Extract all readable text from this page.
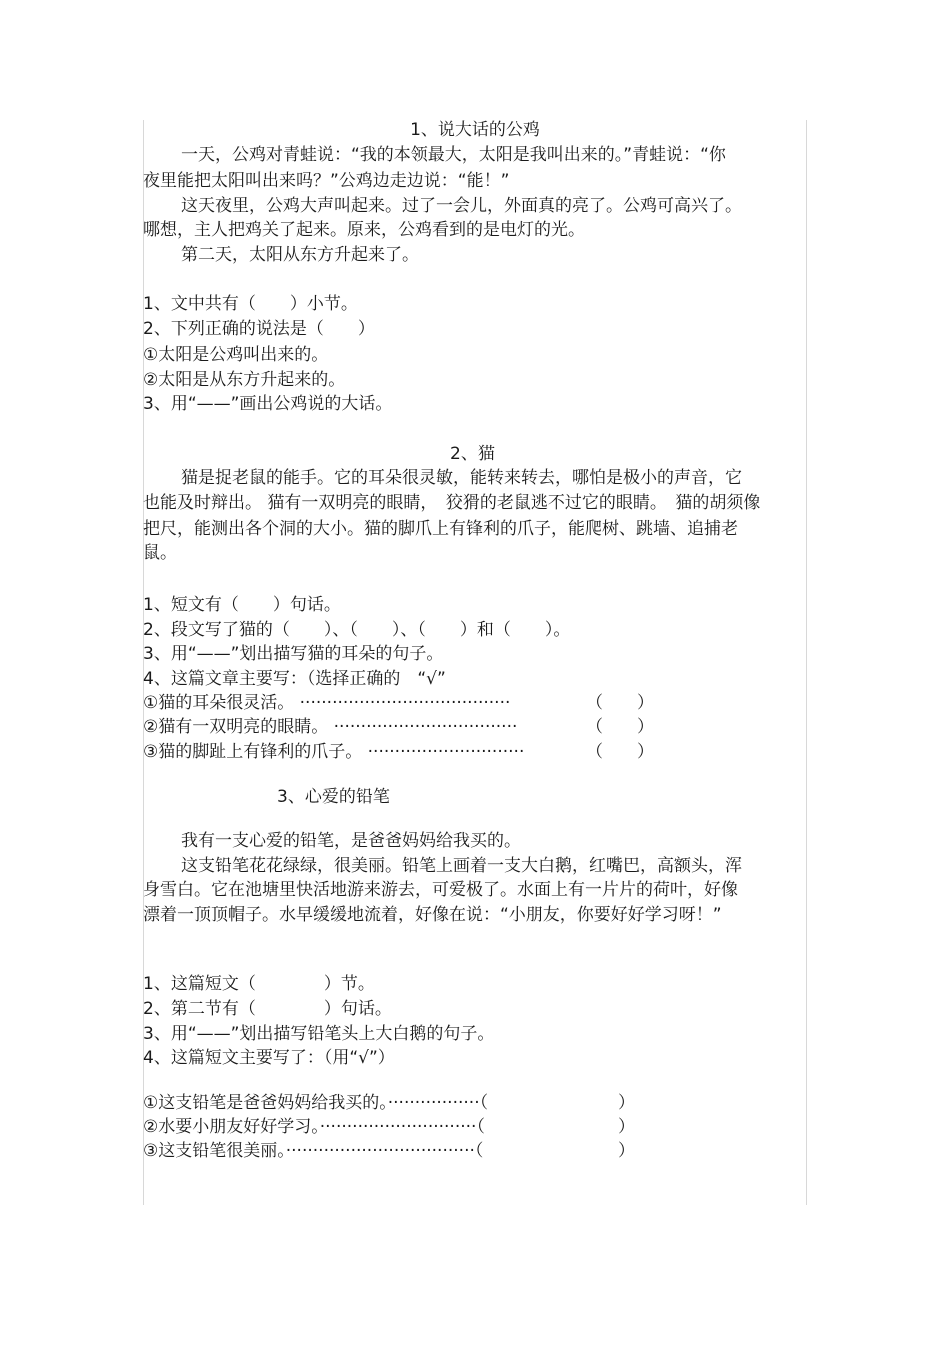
1、说大话的公鸡
一天，公鸡对青蛙说：“我的本领最大，太阳是我叫出来的。”青蛙说：“你
夜里能把太阳叫出来吗？”公鸡边走边说：“能！”
这天夜里，公鸡大声叫起来。过了一会儿，外面真的亮了。公鸡可高兴了。
哪想，主人把鸡关了起来。原来，公鸡看到的是电灯的光。
第二天，太阳从东方升起来了。
1、文中共有（　　）小节。
2、下列正确的说法是（　　）
①太阳是公鸡叫出来的。
②太阳是从东方升起来的。
3、用“——”画出公鸡说的大话。
2、猫
猫是捉老鼠的能手。它的耳朵很灵敏，能转来转去，哪怕是极小的声音，它
也能及时辩出。 猫有一双明亮的眼睛，　狡猾的老鼠逃不过它的眼睛。　猫的胡须像
把尺，能测出各个洞的大小。猫的脚爪上有锋利的爪子，能爬树、跳墙、追捕老
鼠。
1、短文有（　　）句话。
2、段文写了猫的（　　）、（　　）、（　　）和（　　）。
3、用“——”划出描写猫的耳朵的句子。
4、这篇文章主要写：（选择正确的　“√”
①猫的耳朵很灵活。 ·······································	（　　）
②猫有一双明亮的眼睛。 ··································	（　　）
③猫的脚趾上有锋利的爪子。 ·····························	（　　）
3、心爱的铅笔
我有一支心爱的铅笔，是爸爸妈妈给我买的。
这支铅笔花花绿绿，很美丽。铅笔上画着一支大白鹅，红嘴巴，高额头，浑
身雪白。它在池塘里快活地游来游去，可爱极了。水面上有一片片的荷叶，好像
漂着一顶顶帽子。水早缓缓地流着，好像在说：“小朋友，你要好好学习呀！”
1、这篇短文（　　　　）节。
2、第二节有（　　　　）句话。
3、用“——”划出描写铅笔头上大白鹅的句子。
4、这篇短文主要写了：（用“√”）
①这支铅笔是爸爸妈妈给我买的。·················（	）
②水要小朋友好好学习。·····························（	）
③这支铅笔很美丽。···································（	）
